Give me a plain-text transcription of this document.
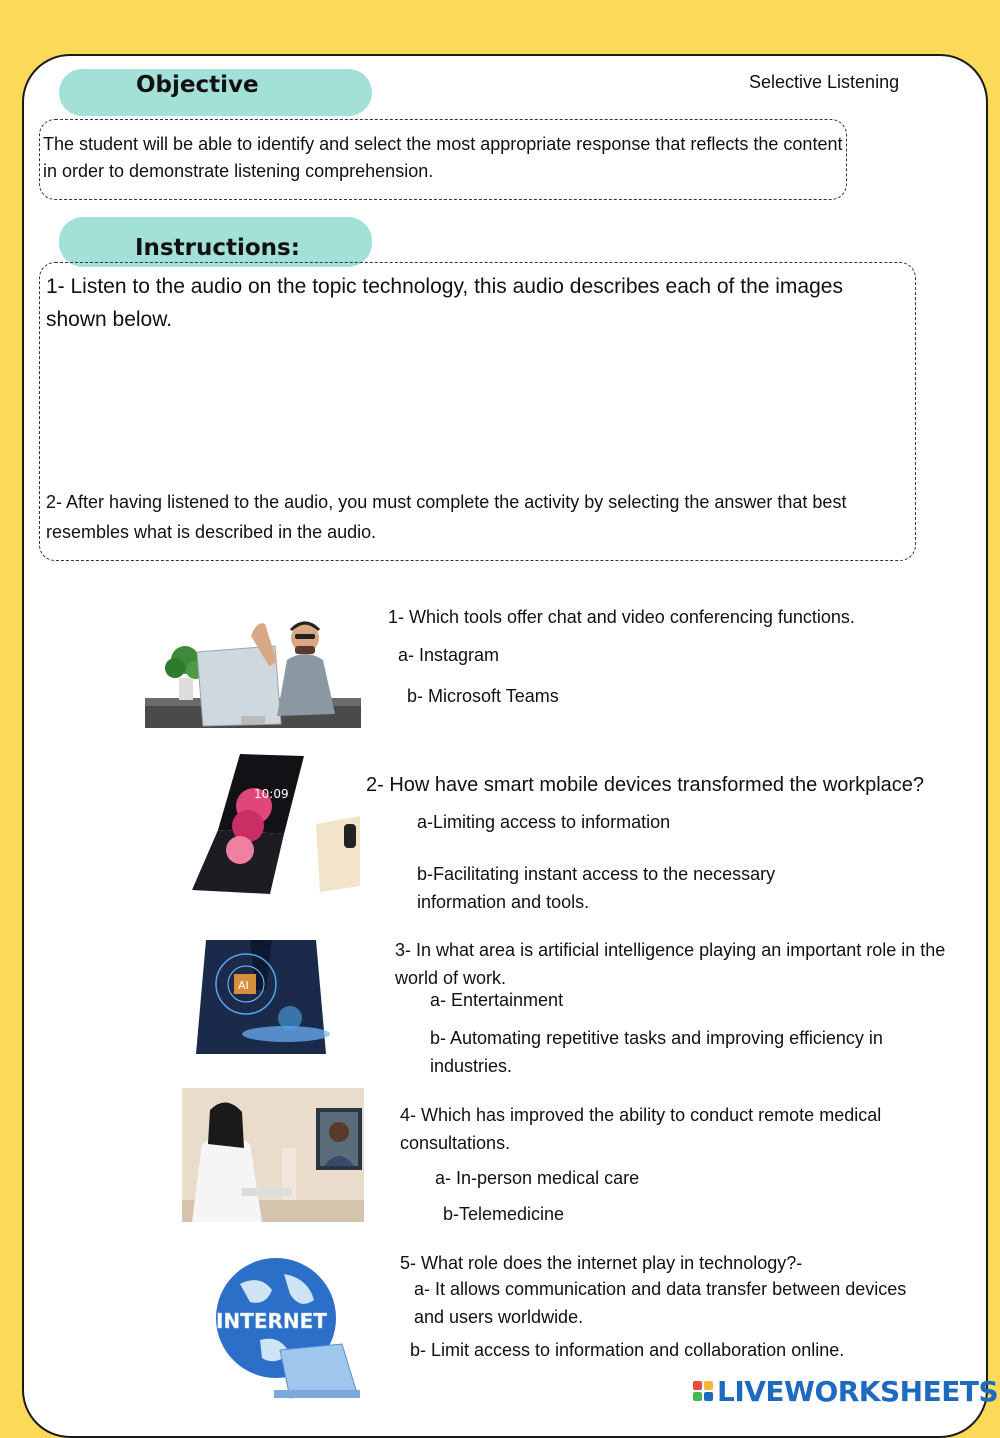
Objective	Selective Listening
The student will be able to identify and select the most appropriate response that reflects the content in order to demonstrate listening comprehension.
Instructions:
1- Listen to the audio on the topic technology, this audio describes each of the images shown below.
2- After having listened to the audio, you must complete the activity by selecting the answer that best resembles what is described in the audio.
1- Which tools offer chat and video conferencing functions.
a- Instagram
b- Microsoft Teams
10:09	2- How have smart mobile devices transformed the workplace?
a-Limiting access to information
b-Facilitating instant access to the necessary information and tools.
AI
3- In what area is artificial intelligence playing an important role in the world of work.
a- Entertainment
b- Automating repetitive tasks and improving efficiency in industries.
4- Which has improved the ability to conduct remote medical consultations.
a- In-person medical care
b-Telemedicine
INTERNET
5- What role does the internet play in technology?-
a- It allows communication and data transfer between devices and users worldwide.
b- Limit access to information and collaboration online.
LIVEWORKSHEETS
